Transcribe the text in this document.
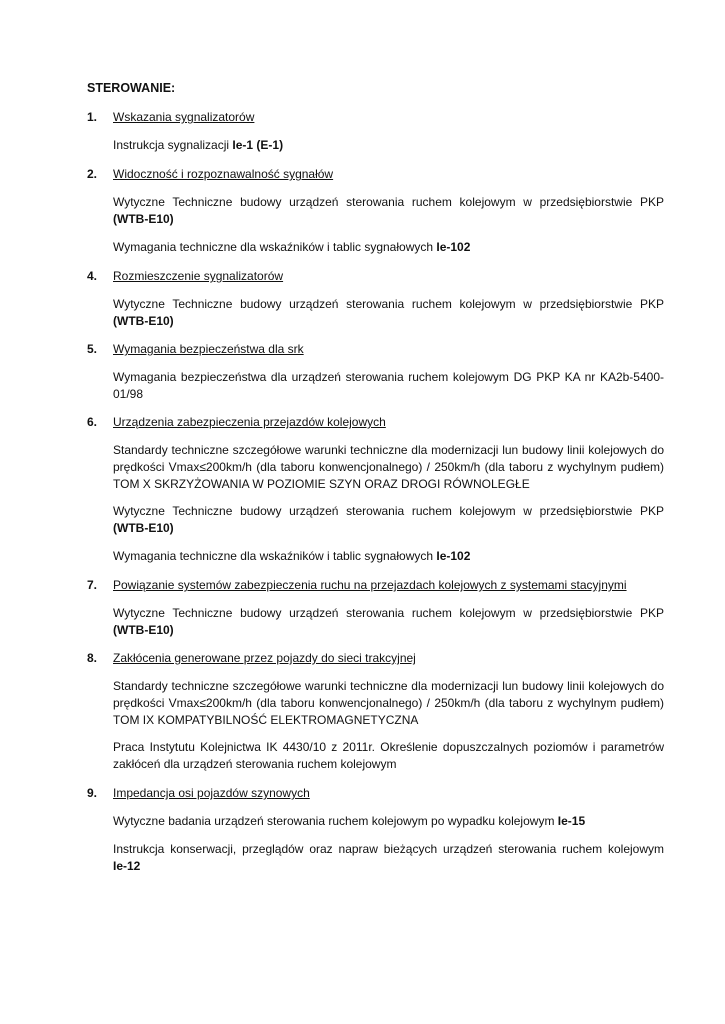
STEROWANIE:
1. Wskazania sygnalizatorów

Instrukcja sygnalizacji Ie-1 (E-1)

2. Widoczność i rozpoznawalność sygnałów

Wytyczne Techniczne budowy urządzeń sterowania ruchem kolejowym w przedsiębiorstwie PKP
(WTB-E10)

Wymagania techniczne dla wskaźników i tablic sygnałowych Ie-102

4. Rozmieszczenie sygnalizatorów

Wytyczne Techniczne budowy urządzeń sterowania ruchem kolejowym w przedsiębiorstwie PKP
(WTB-E10)

5. Wymagania bezpieczeństwa dla srk

Wymagania bezpieczeństwa dla urządzeń sterowania ruchem kolejowym DG PKP KA nr KA2b-5400-01/98

6. Urządzenia zabezpieczenia przejazdów kolejowych

Standardy techniczne szczegółowe warunki techniczne dla modernizacji lun budowy linii kolejowych do prędkości Vmax≤200km/h (dla taboru konwencjonalnego) / 250km/h (dla taboru z wychylnym pudłem) TOM X SKRZYŻOWANIA W POZIOMIE SZYN ORAZ DROGI RÓWNOLEGŁE

Wytyczne Techniczne budowy urządzeń sterowania ruchem kolejowym w przedsiębiorstwie PKP
(WTB-E10)

Wymagania techniczne dla wskaźników i tablic sygnałowych Ie-102

7. Powiązanie systemów zabezpieczenia ruchu na przejazdach kolejowych z systemami stacyjnymi

Wytyczne Techniczne budowy urządzeń sterowania ruchem kolejowym w przedsiębiorstwie PKP
(WTB-E10)

8. Zakłócenia generowane przez pojazdy do sieci trakcyjnej

Standardy techniczne szczegółowe warunki techniczne dla modernizacji lun budowy linii kolejowych do prędkości Vmax≤200km/h (dla taboru konwencjonalnego) / 250km/h (dla taboru z wychylnym pudłem) TOM IX KOMPATYBILNOŚĆ ELEKTROMAGNETYCZNA

Praca Instytutu Kolejnictwa IK 4430/10 z 2011r. Określenie dopuszczalnych poziomów i parametrów zakłóceń dla urządzeń sterowania ruchem kolejowym

9. Impedancja osi pojazdów szynowych

Wytyczne badania urządzeń sterowania ruchem kolejowym po wypadku kolejowym Ie-15

Instrukcja konserwacji, przeglądów oraz napraw bieżących urządzeń sterowania ruchem kolejowym
Ie-12
